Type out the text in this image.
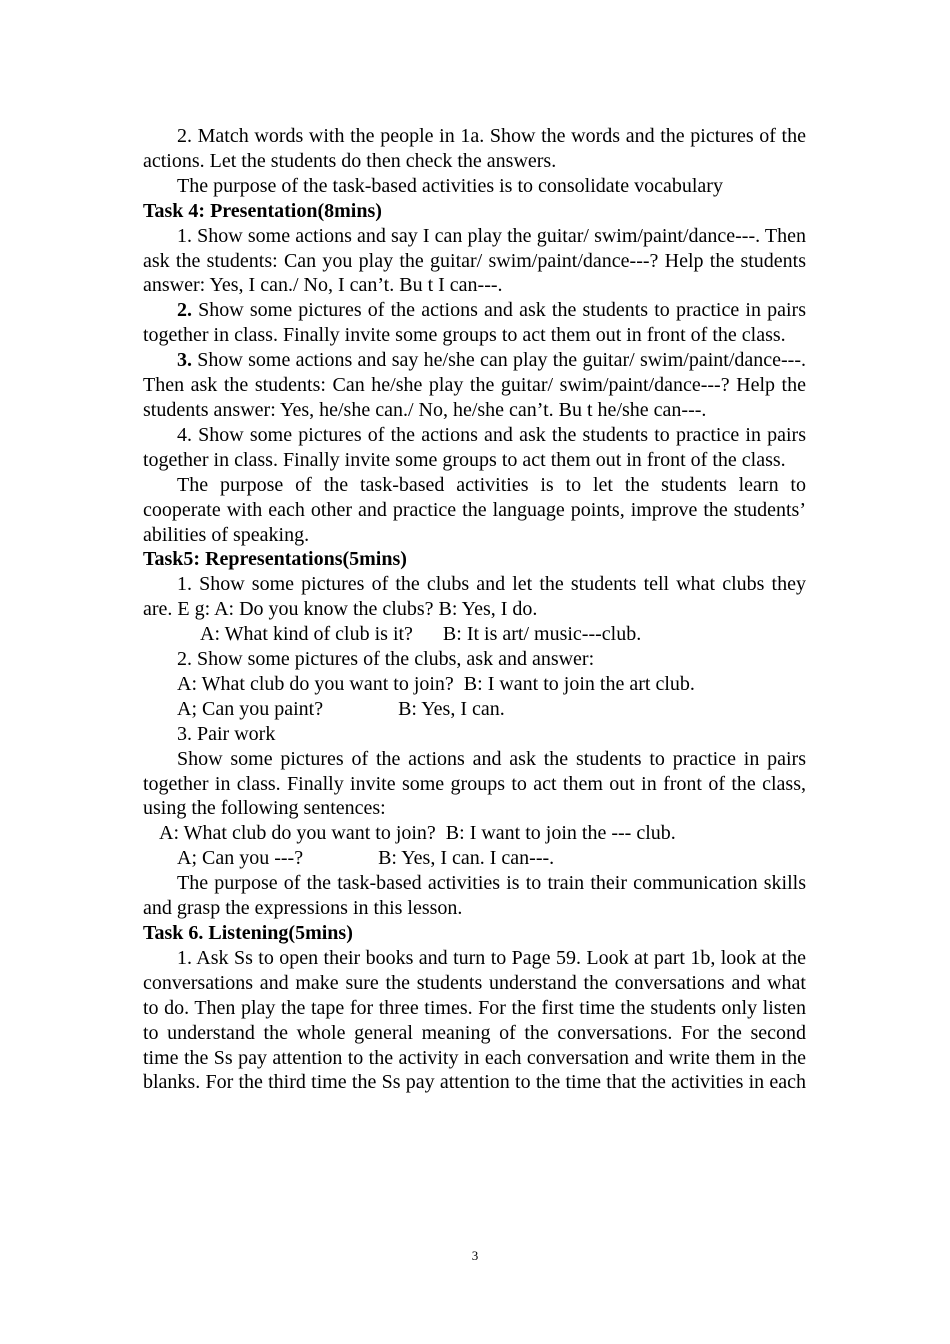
2. Match words with the people in 1a. Show the words and the pictures of the actions. Let the students do then check the answers.

The purpose of the task-based activities is to consolidate vocabulary

Task 4: Presentation(8mins)

1. Show some actions and say I can play the guitar/ swim/paint/dance---. Then ask the students: Can you play the guitar/ swim/paint/dance---? Help the students answer: Yes, I can./ No, I can’t. Bu t I can---.

2. Show some pictures of the actions and ask the students to practice in pairs together in class. Finally invite some groups to act them out in front of the class.

3. Show some actions and say he/she can play the guitar/ swim/paint/dance---. Then ask the students: Can he/she play the guitar/ swim/paint/dance---? Help the students answer: Yes, he/she can./ No, he/she can’t. Bu t he/she can---.

4. Show some pictures of the actions and ask the students to practice in pairs together in class. Finally invite some groups to act them out in front of the class.

The purpose of the task-based activities is to let the students learn to cooperate with each other and practice the language points, improve the students’ abilities of speaking.

Task5: Representations(5mins)

1. Show some pictures of the clubs and let the students tell what clubs they are. E g: A: Do you know the clubs? B: Yes, I do.

A: What kind of club is it?      B: It is art/ music---club.

2. Show some pictures of the clubs, ask and answer:

A: What club do you want to join?  B: I want to join the art club.

A; Can you paint?               B: Yes, I can.

3. Pair work

Show some pictures of the actions and ask the students to practice in pairs together in class. Finally invite some groups to act them out in front of the class, using the following sentences:

A: What club do you want to join?  B: I want to join the --- club.

A; Can you ---?               B: Yes, I can. I can---.

The purpose of the task-based activities is to train their communication skills and grasp the expressions in this lesson.

Task 6. Listening(5mins)

1. Ask Ss to open their books and turn to Page 59. Look at part 1b, look at the conversations and make sure the students understand the conversations and what to do. Then play the tape for three times. For the first time the students only listen to understand the whole general meaning of the conversations. For the second time the Ss pay attention to the activity in each conversation and write them in the blanks. For the third time the Ss pay attention to the time that the activities in each

3
